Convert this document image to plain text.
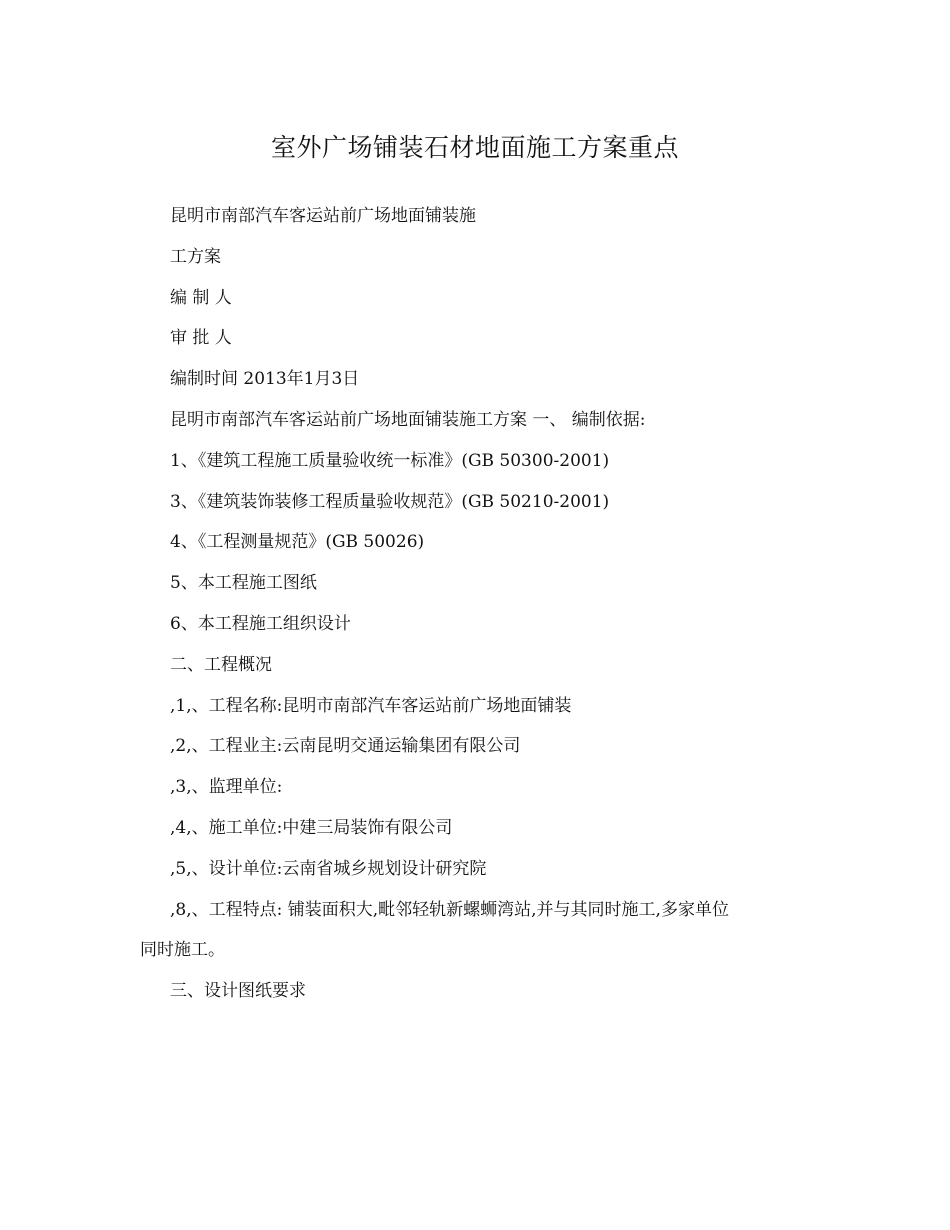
室外广场铺装石材地面施工方案重点
昆明市南部汽车客运站前广场地面铺装施
工方案
编 制 人
审 批 人
编制时间 2013年1月3日
昆明市南部汽车客运站前广场地面铺装施工方案 一、 编制依据:
1、《建筑工程施工质量验收统一标准》(GB 50300-2001)
3、《建筑装饰装修工程质量验收规范》(GB 50210-2001)
4、《工程测量规范》(GB 50026)
5、本工程施工图纸
6、本工程施工组织设计
二、工程概况
,1,、工程名称:昆明市南部汽车客运站前广场地面铺装
,2,、工程业主:云南昆明交通运输集团有限公司
,3,、监理单位:
,4,、施工单位:中建三局装饰有限公司
,5,、设计单位:云南省城乡规划设计研究院
,8,、工程特点: 铺装面积大,毗邻轻轨新螺蛳湾站,并与其同时施工,多家单位
同时施工。
三、设计图纸要求
